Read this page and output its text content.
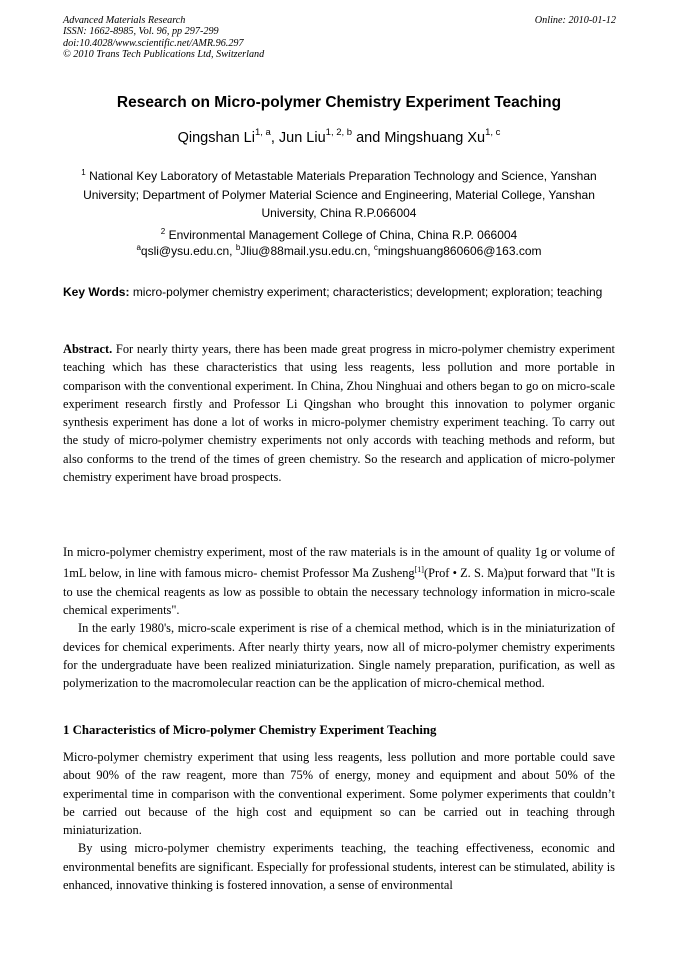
Advanced Materials Research
ISSN: 1662-8985, Vol. 96, pp 297-299
doi:10.4028/www.scientific.net/AMR.96.297
© 2010 Trans Tech Publications Ltd, Switzerland
Online: 2010-01-12
Research on Micro-polymer Chemistry Experiment Teaching
Qingshan Li$^{1, a}$, Jun Liu$^{1, 2, b}$ and Mingshuang Xu$^{1, c}$
$^1$ National Key Laboratory of Metastable Materials Preparation Technology and Science, Yanshan University; Department of Polymer Material Science and Engineering, Material College, Yanshan University, China R.P.066004
$^2$ Environmental Management College of China, China R.P. 066004
$^a$qsli@ysu.edu.cn, $^b$Jliu@88mail.ysu.edu.cn, $^c$mingshuang860606@163.com
Key Words: micro-polymer chemistry experiment; characteristics; development; exploration; teaching

Abstract. For nearly thirty years, there has been made great progress in micro-polymer chemistry experiment teaching which has these characteristics that using less reagents, less pollution and more portable in comparison with the conventional experiment. In China, Zhou Ninghuai and others began to go on micro-scale experiment research firstly and Professor Li Qingshan who brought this innovation to polymer organic synthesis experiment has done a lot of works in micro-polymer chemistry experiment teaching. To carry out the study of micro-polymer chemistry experiments not only accords with teaching methods and reform, but also conforms to the trend of the times of green chemistry. So the research and application of micro-polymer chemistry experiment have broad prospects.

In micro-polymer chemistry experiment, most of the raw materials is in the amount of quality 1g or volume of 1mL below, in line with famous micro- chemist Professor Ma Zusheng[1](Prof • Z. S. Ma)put forward that "It is to use the chemical reagents as low as possible to obtain the necessary technology information in micro-scale chemical experiments".

In the early 1980's, micro-scale experiment is rise of a chemical method, which is in the miniaturization of devices for chemical experiments. After nearly thirty years, now all of micro-polymer chemistry experiments for the undergraduate have been realized miniaturization. Single namely preparation, purification, as well as polymerization to the macromolecular reaction can be the application of micro-chemical method.

1 Characteristics of Micro-polymer Chemistry Experiment Teaching

Micro-polymer chemistry experiment that using less reagents, less pollution and more portable could save about 90% of the raw reagent, more than 75% of energy, money and equipment and about 50% of the experimental time in comparison with the conventional experiment. Some polymer experiments that couldn’t be carried out because of the high cost and equipment so can be carried out in teaching through miniaturization.

By using micro-polymer chemistry experiments teaching, the teaching effectiveness, economic and environmental benefits are significant. Especially for professional students, interest can be stimulated, ability is enhanced, innovative thinking is fostered innovation, a sense of environmental
